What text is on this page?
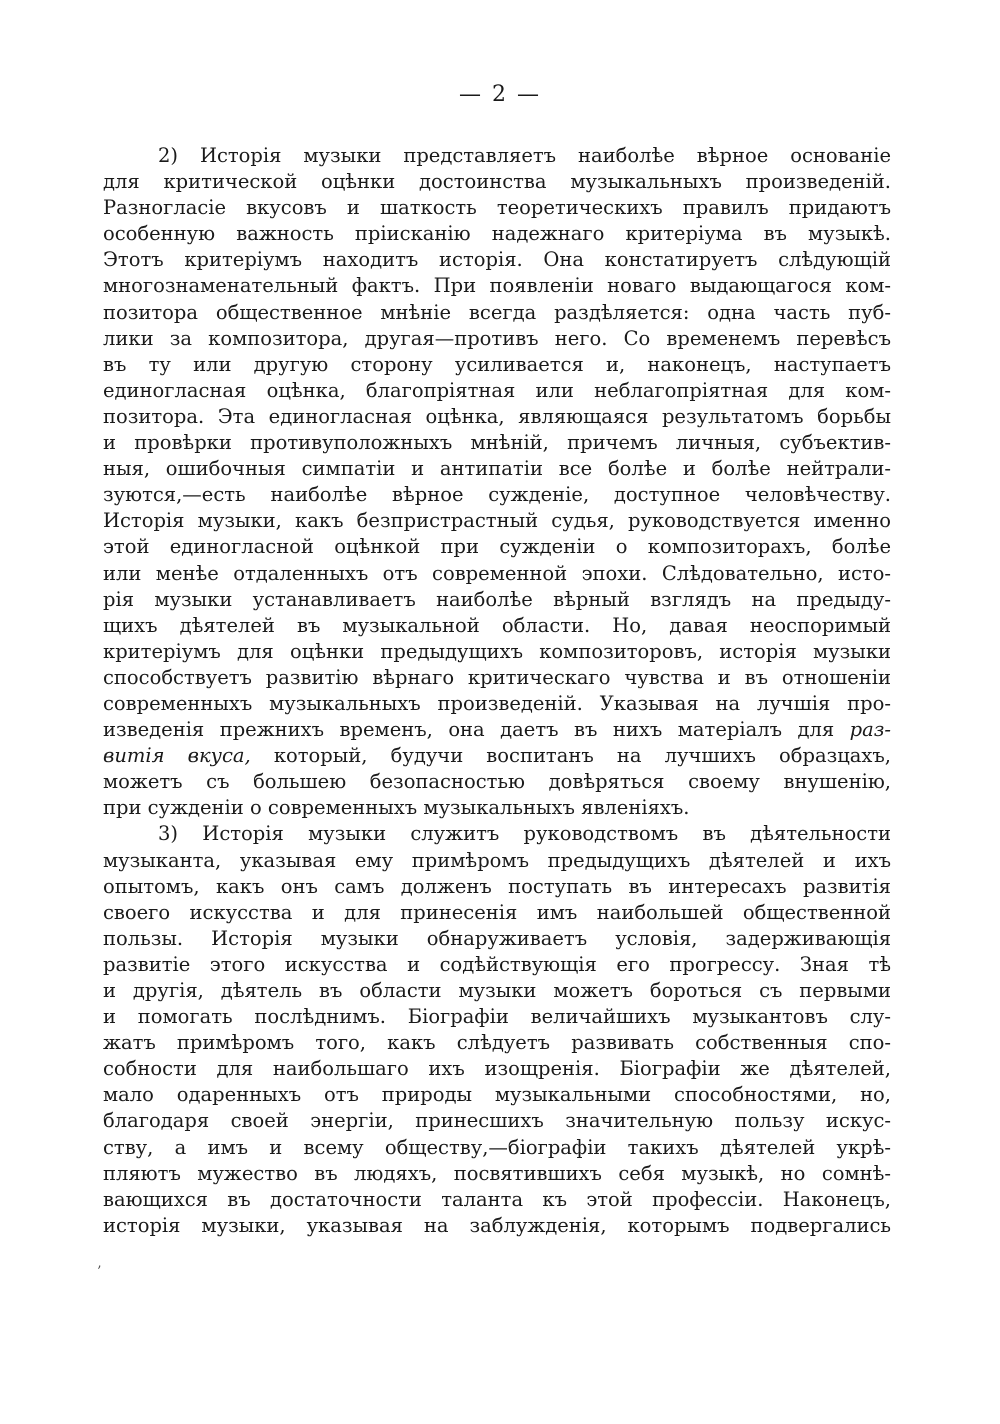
— 2 —
2) Исторія музыки представляетъ наиболѣе вѣрное основаніе
для критической оцѣнки достоинства музыкальныхъ произведеній.
Разногласіе вкусовъ и шаткость теоретическихъ правилъ придаютъ
особенную важность пріисканію надежнаго критеріума въ музыкѣ.
Этотъ критеріумъ находитъ исторія. Она констатируетъ слѣдующій
многознаменательный фактъ. При появленіи новаго выдающагося ком-
позитора общественное мнѣніе всегда раздѣляется: одна часть пуб-
лики за композитора, другая—противъ него. Со временемъ перевѣсъ
въ ту или другую сторону усиливается и, наконецъ, наступаетъ
единогласная оцѣнка, благопріятная или неблагопріятная для ком-
позитора. Эта единогласная оцѣнка, являющаяся результатомъ борьбы
и провѣрки противуположныхъ мнѣній, причемъ личныя, субъектив-
ныя, ошибочныя симпатіи и антипатіи все болѣе и болѣе нейтрали-
зуются,—есть наиболѣе вѣрное сужденіе, доступное человѣчеству.
Исторія музыки, какъ безпристрастный судья, руководствуется именно
этой единогласной оцѣнкой при сужденіи о композиторахъ, болѣе
или менѣе отдаленныхъ отъ современной эпохи. Слѣдовательно, исто-
рія музыки устанавливаетъ наиболѣе вѣрный взглядъ на предыду-
щихъ дѣятелей въ музыкальной области. Но, давая неоспоримый
критеріумъ для оцѣнки предыдущихъ композиторовъ, исторія музыки
способствуетъ развитію вѣрнаго критическаго чувства и въ отношеніи
современныхъ музыкальныхъ произведеній. Указывая на лучшія про-
изведенія прежнихъ временъ, она даетъ въ нихъ матеріалъ для раз-
витія вкуса, который, будучи воспитанъ на лучшихъ образцахъ,
можетъ съ большею безопасностью довѣряться своему внушенію,
при сужденіи о современныхъ музыкальныхъ явленіяхъ.
3) Исторія музыки служитъ руководствомъ въ дѣятельности
музыканта, указывая ему примѣромъ предыдущихъ дѣятелей и ихъ
опытомъ, какъ онъ самъ долженъ поступать въ интересахъ развитія
своего искусства и для принесенія имъ наибольшей общественной
пользы. Исторія музыки обнаруживаетъ условія, задерживающія
развитіе этого искусства и содѣйствующія его прогрессу. Зная тѣ
и другія, дѣятель въ области музыки можетъ бороться съ первыми
и помогать послѣднимъ. Біографіи величайшихъ музыкантовъ слу-
жатъ примѣромъ того, какъ слѣдуетъ развивать собственныя спо-
собности для наибольшаго ихъ изощренія. Біографіи же дѣятелей,
мало одаренныхъ отъ природы музыкальными способностями, но,
благодаря своей энергіи, принесшихъ значительную пользу искус-
ству, а имъ и всему обществу,—біографіи такихъ дѣятелей укрѣ-
пляютъ мужество въ людяхъ, посвятившихъ себя музыкѣ, но сомнѣ-
вающихся въ достаточности таланта къ этой профессіи. Наконецъ,
исторія музыки, указывая на заблужденія, которымъ подвергались
’
